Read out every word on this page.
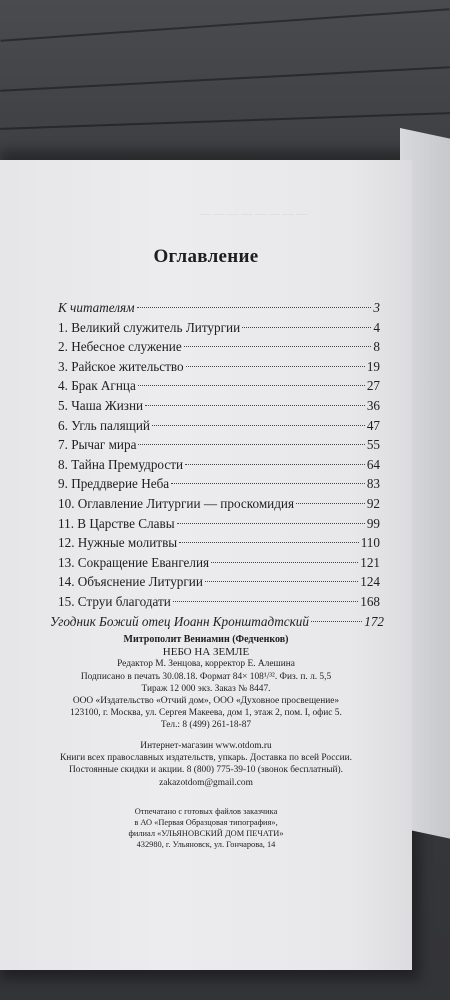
— — — — — — — —
Оглавление
К читателям	3
1. Великий служитель Литургии	4
2. Небесное служение	8
3. Райское жительство	19
4. Брак Агнца	27
5. Чаша Жизни	36
6. Угль палящий	47
7. Рычаг мира	55
8. Тайна Премудрости	64
9. Преддверие Неба	83
10. Оглавление Литургии — проскомидия	92
11. В Царстве Славы	99
12. Нужные молитвы	110
13. Сокращение Евангелия	121
14. Объяснение Литургии	124
15. Струи благодати	168
Угодник Божий отец Иоанн Кронштадтский	172
Митрополит Вениамин (Федченков)
НЕБО НА ЗЕМЛЕ
Редактор М. Зенцова, корректор Е. Алешина
Подписано в печать 30.08.18. Формат 84× 108¹/³². Физ. п. л. 5,5
Тираж 12 000 экз. Заказ № 8447.
ООО «Издательство «Отчий дом», ООО «Духовное просвещение»
123100, г. Москва, ул. Сергея Макеева, дом 1, этаж 2, пом. I, офис 5.
Тел.: 8 (499) 261-18-87
Интернет-магазин www.otdom.ru
Книги всех православных издательств, упкарь. Доставка по всей России.
Постоянные скидки и акции. 8 (800) 775-39-10 (звонок бесплатный).
zakazotdom@gmail.com
Отпечатано с готовых файлов заказчика
в АО «Первая Образцовая типография»,
филиал «УЛЬЯНОВСКИЙ ДОМ ПЕЧАТИ»
432980, г. Ульяновск, ул. Гончарова, 14
